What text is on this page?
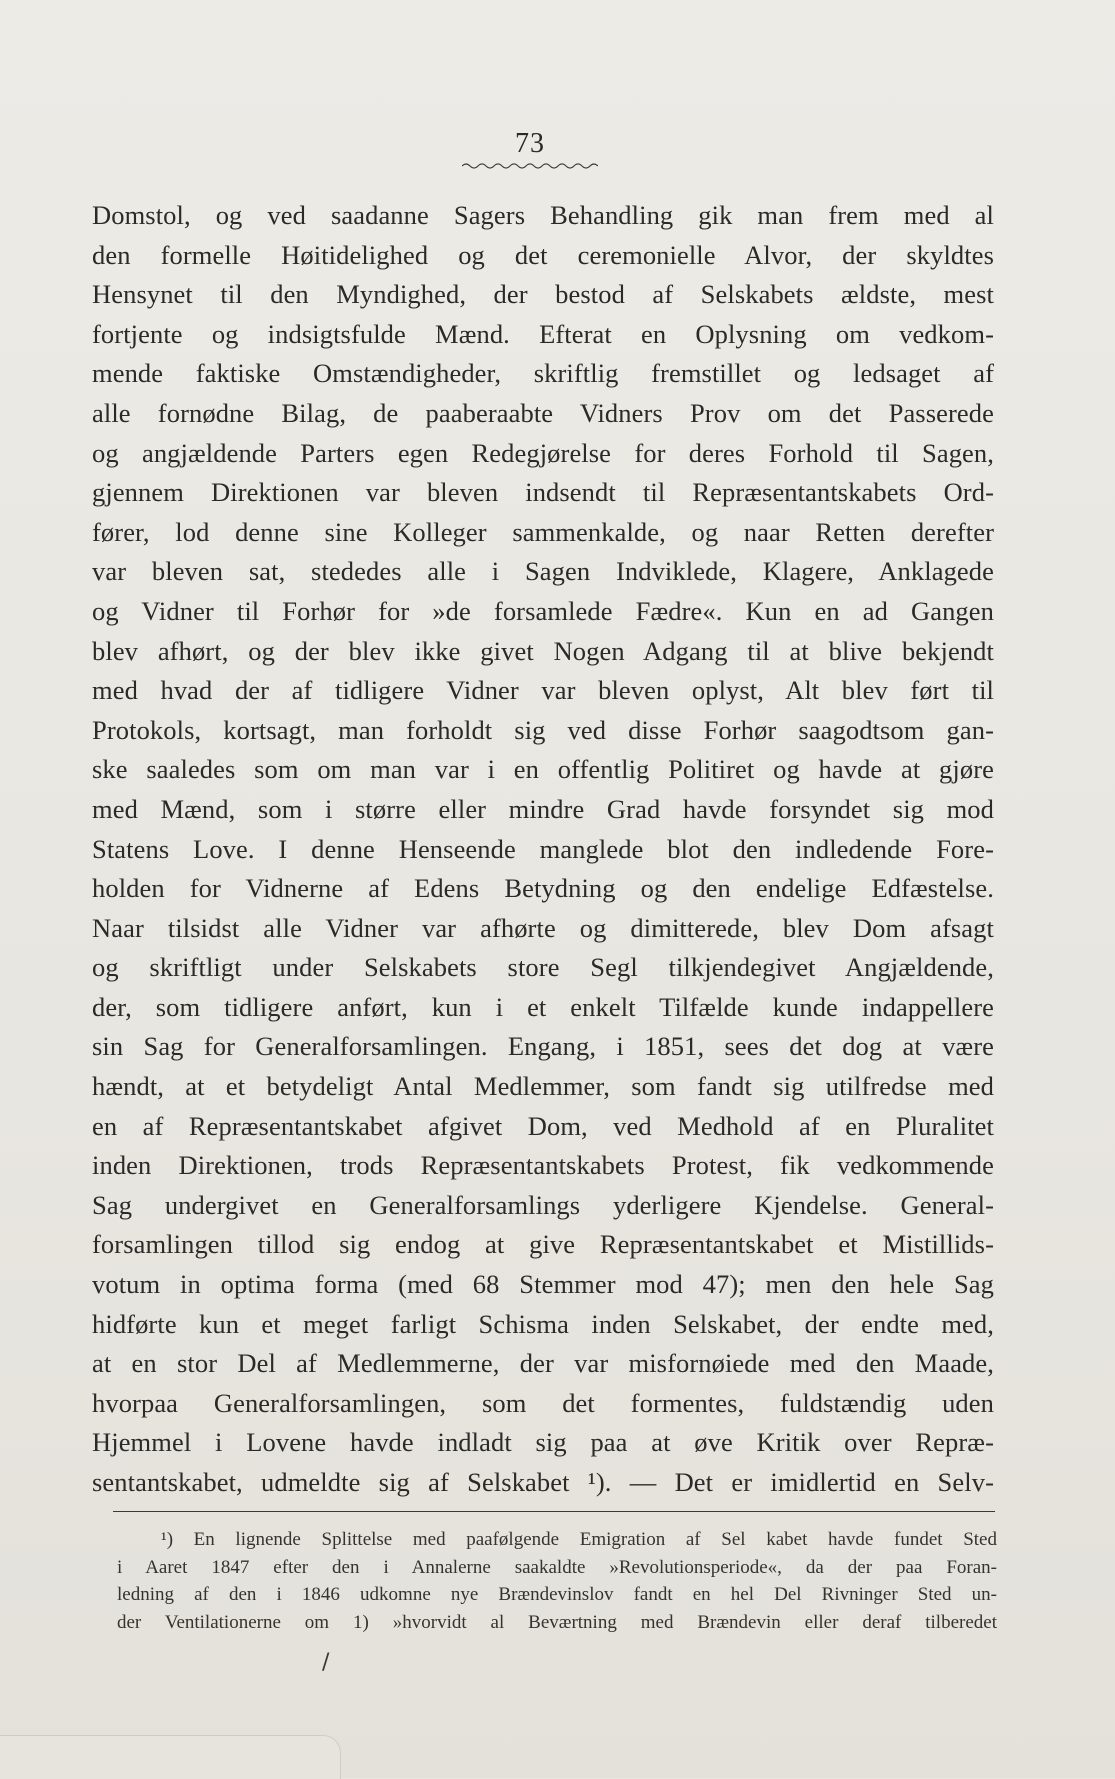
73
Domstol, og ved saadanne Sagers Behandling gik man frem med al
den formelle Høitidelighed og det ceremonielle Alvor, der skyldtes
Hensynet til den Myndighed, der bestod af Selskabets ældste, mest
fortjente og indsigtsfulde Mænd. Efterat en Oplysning om vedkom-
mende faktiske Omstændigheder, skriftlig fremstillet og ledsaget af
alle fornødne Bilag, de paaberaabte Vidners Prov om det Passerede
og angjældende Parters egen Redegjørelse for deres Forhold til Sagen,
gjennem Direktionen var bleven indsendt til Repræsentantskabets Ord-
fører, lod denne sine Kolleger sammenkalde, og naar Retten derefter
var bleven sat, stededes alle i Sagen Indviklede, Klagere, Anklagede
og Vidner til Forhør for »de forsamlede Fædre«. Kun en ad Gangen
blev afhørt, og der blev ikke givet Nogen Adgang til at blive bekjendt
med hvad der af tidligere Vidner var bleven oplyst, Alt blev ført til
Protokols, kortsagt, man forholdt sig ved disse Forhør saagodtsom gan-
ske saaledes som om man var i en offentlig Politiret og havde at gjøre
med Mænd, som i større eller mindre Grad havde forsyndet sig mod
Statens Love. I denne Henseende manglede blot den indledende Fore-
holden for Vidnerne af Edens Betydning og den endelige Edfæstelse.
Naar tilsidst alle Vidner var afhørte og dimitterede, blev Dom afsagt
og skriftligt under Selskabets store Segl tilkjendegivet Angjældende,
der, som tidligere anført, kun i et enkelt Tilfælde kunde indappellere
sin Sag for Generalforsamlingen. Engang, i 1851, sees det dog at være
hændt, at et betydeligt Antal Medlemmer, som fandt sig utilfredse med
en af Repræsentantskabet afgivet Dom, ved Medhold af en Pluralitet
inden Direktionen, trods Repræsentantskabets Protest, fik vedkommende
Sag undergivet en Generalforsamlings yderligere Kjendelse. General-
forsamlingen tillod sig endog at give Repræsentantskabet et Mistillids-
votum in optima forma (med 68 Stemmer mod 47); men den hele Sag
hidførte kun et meget farligt Schisma inden Selskabet, der endte med,
at en stor Del af Medlemmerne, der var misfornøiede med den Maade,
hvorpaa Generalforsamlingen, som det formentes, fuldstændig uden
Hjemmel i Lovene havde indladt sig paa at øve Kritik over Repræ-
sentantskabet, udmeldte sig af Selskabet ¹). — Det er imidlertid en Selv-
¹) En lignende Splittelse med paafølgende Emigration af Sel kabet havde fundet Sted
i Aaret 1847 efter den i Annalerne saakaldte »Revolutionsperiode«, da der paa Foran-
ledning af den i 1846 udkomne nye Brændevinslov fandt en hel Del Rivninger Sted un-
der Ventilationerne om 1) »hvorvidt al Beværtning med Brændevin eller deraf tilberedet
/
